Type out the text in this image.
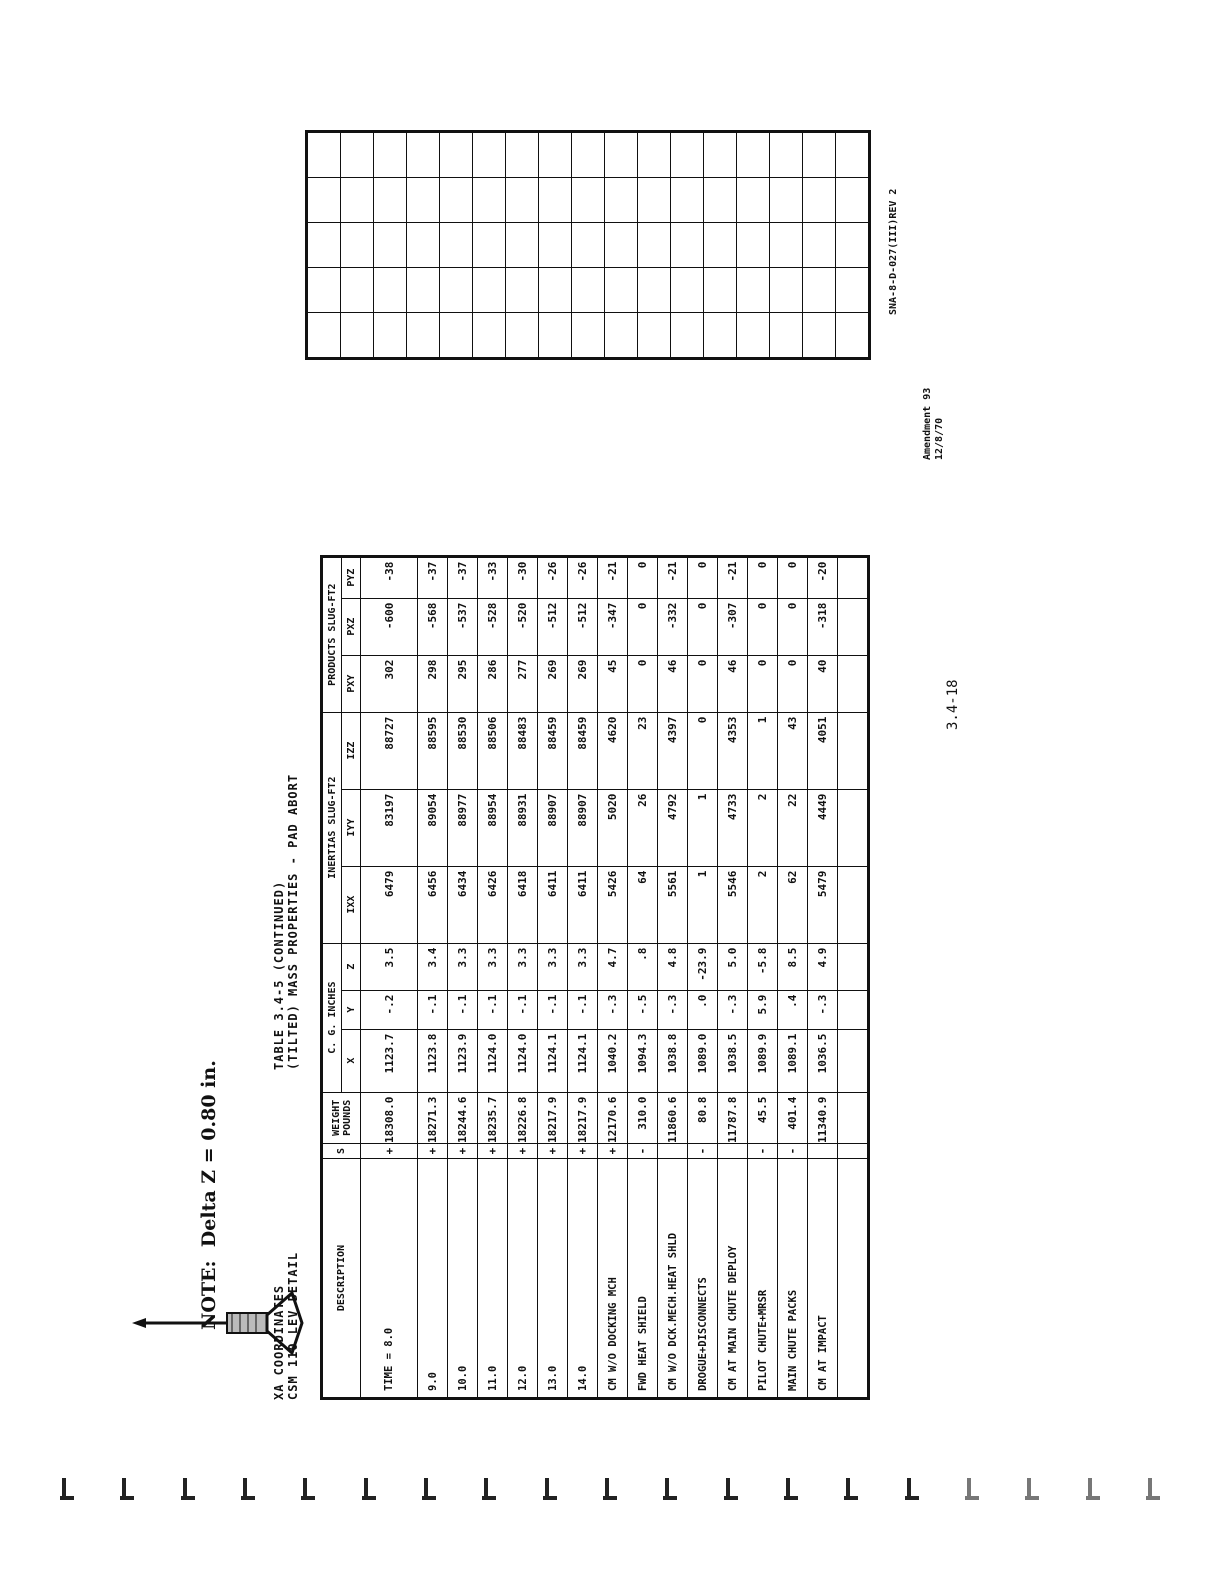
XA COORDINATES CSM 110 LEV DETAIL
TABLE 3.4-5 (CONTINUED) (TILTED) MASS PROPERTIES - PAD ABORT
DESCRIPTION	S	WEIGHT POUNDS	C. G. INCHES			INERTIAS SLUG-FT2			PRODUCTS SLUG-FT2		
			X	Y	Z	IXX	IYY	IZZ	PXY	PXZ	PYZ
TIME = 8.0	+	18308.0	1123.7	-.2	3.5	6479	83197	88727	302	-600	-38
9.0	+	18271.3	1123.8	-.1	3.4	6456	89054	88595	298	-568	-37
10.0	+	18244.6	1123.9	-.1	3.3	6434	88977	88530	295	-537	-37
11.0	+	18235.7	1124.0	-.1	3.3	6426	88954	88506	286	-528	-33
12.0	+	18226.8	1124.0	-.1	3.3	6418	88931	88483	277	-520	-30
13.0	+	18217.9	1124.1	-.1	3.3	6411	88907	88459	269	-512	-26
14.0	+	18217.9	1124.1	-.1	3.3	6411	88907	88459	269	-512	-26
CM W/O DOCKING MCH	+	12170.6	1040.2	-.3	4.7	5426	5020	4620	45	-347	-21
FWD HEAT SHIELD	-	310.0	1094.3	-.5	.8	64	26	23	0	0	0
CM W/O DCK.MECH.HEAT SHLD		11860.6	1038.8	-.3	4.8	5561	4792	4397	46	-332	-21
DROGUE+DISCONNECTS	-	80.8	1089.0	.0	-23.9	1	1	0	0	0	0
CM AT MAIN CHUTE DEPLOY		11787.8	1038.5	-.3	5.0	5546	4733	4353	46	-307	-21
PILOT CHUTE+MRSR	-	45.5	1089.9	5.9	-5.8	2	2	1	0	0	0
MAIN CHUTE PACKS	-	401.4	1089.1	.4	8.5	62	22	43	0	0	0
CM AT IMPACT		11340.9	1036.5	-.3	4.9	5479	4449	4051	40	-318	-20

Amendment 93 12/8/70
SNA-8-D-027(III)REV 2
3.4-18
NOTE:  Delta Z = 0.80 in.
